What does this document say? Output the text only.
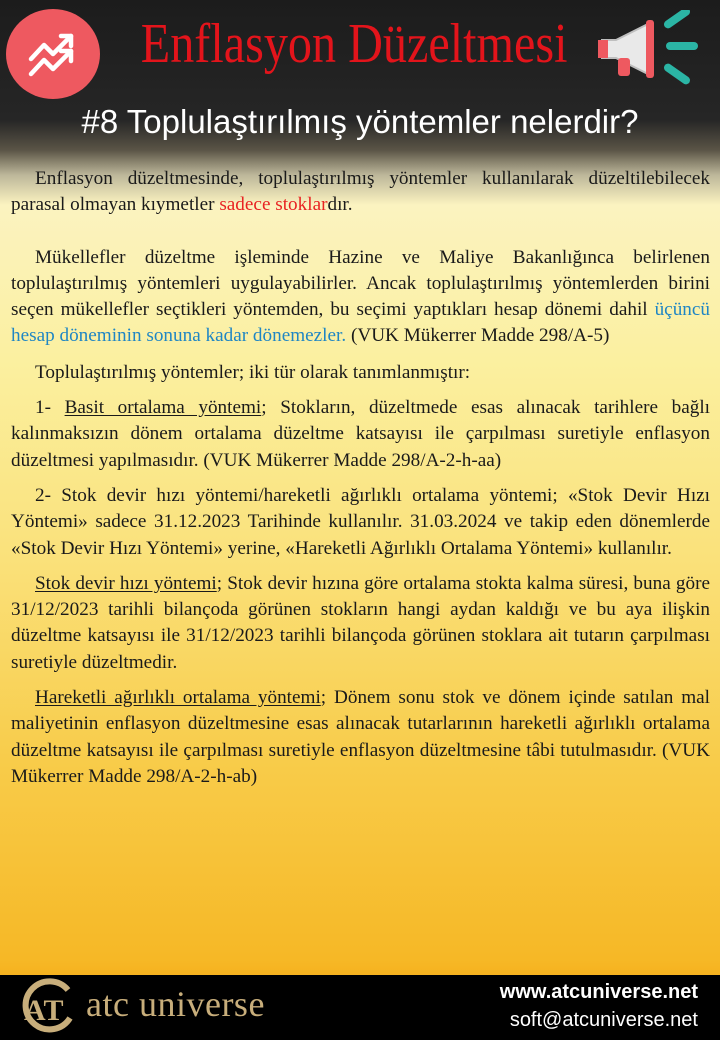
Enflasyon Düzeltmesi
#8 Toplulaştırılmış yöntemler nelerdir?

Enflasyon düzeltmesinde, toplulaştırılmış yöntemler kullanılarak düzeltilebilecek parasal olmayan kıymetler sadece stoklardır.

Mükellefler düzeltme işleminde Hazine ve Maliye Bakanlığınca belirlenen toplulaştırılmış yöntemleri uygulayabilirler. Ancak toplulaştırılmış yöntemlerden birini seçen mükellefler seçtikleri yöntemden, bu seçimi yaptıkları hesap dönemi dahil üçüncü hesap döneminin sonuna kadar dönemezler. (VUK Mükerrer Madde 298/A-5)

Toplulaştırılmış yöntemler; iki tür olarak tanımlanmıştır:

1- Basit ortalama yöntemi; Stokların, düzeltmede esas alınacak tarihlere bağlı kalınmaksızın dönem ortalama düzeltme katsayısı ile çarpılması suretiyle enflasyon düzeltmesi yapılmasıdır. (VUK Mükerrer Madde 298/A-2-h-aa)

2- Stok devir hızı yöntemi/hareketli ağırlıklı ortalama yöntemi; «Stok Devir Hızı Yöntemi» sadece 31.12.2023 Tarihinde kullanılır. 31.03.2024 ve takip eden dönemlerde «Stok Devir Hızı Yöntemi» yerine, «Hareketli Ağırlıklı Ortalama Yöntemi» kullanılır.

Stok devir hızı yöntemi; Stok devir hızına göre ortalama stokta kalma süresi, buna göre 31/12/2023 tarihli bilançoda görünen stokların hangi aydan kaldığı ve bu aya ilişkin düzeltme katsayısı ile 31/12/2023 tarihli bilançoda görünen stoklara ait tutarın çarpılması suretiyle düzeltmedir.

Hareketli ağırlıklı ortalama yöntemi; Dönem sonu stok ve dönem içinde satılan mal maliyetinin enflasyon düzeltmesine esas alınacak tutarlarının hareketli ağırlıklı ortalama düzeltme katsayısı ile çarpılması suretiyle enflasyon düzeltmesine tâbi tutulmasıdır. (VUK Mükerrer Madde 298/A-2-h-ab)

AT atc universe	www.atcuniverse.net
soft@atcuniverse.net
